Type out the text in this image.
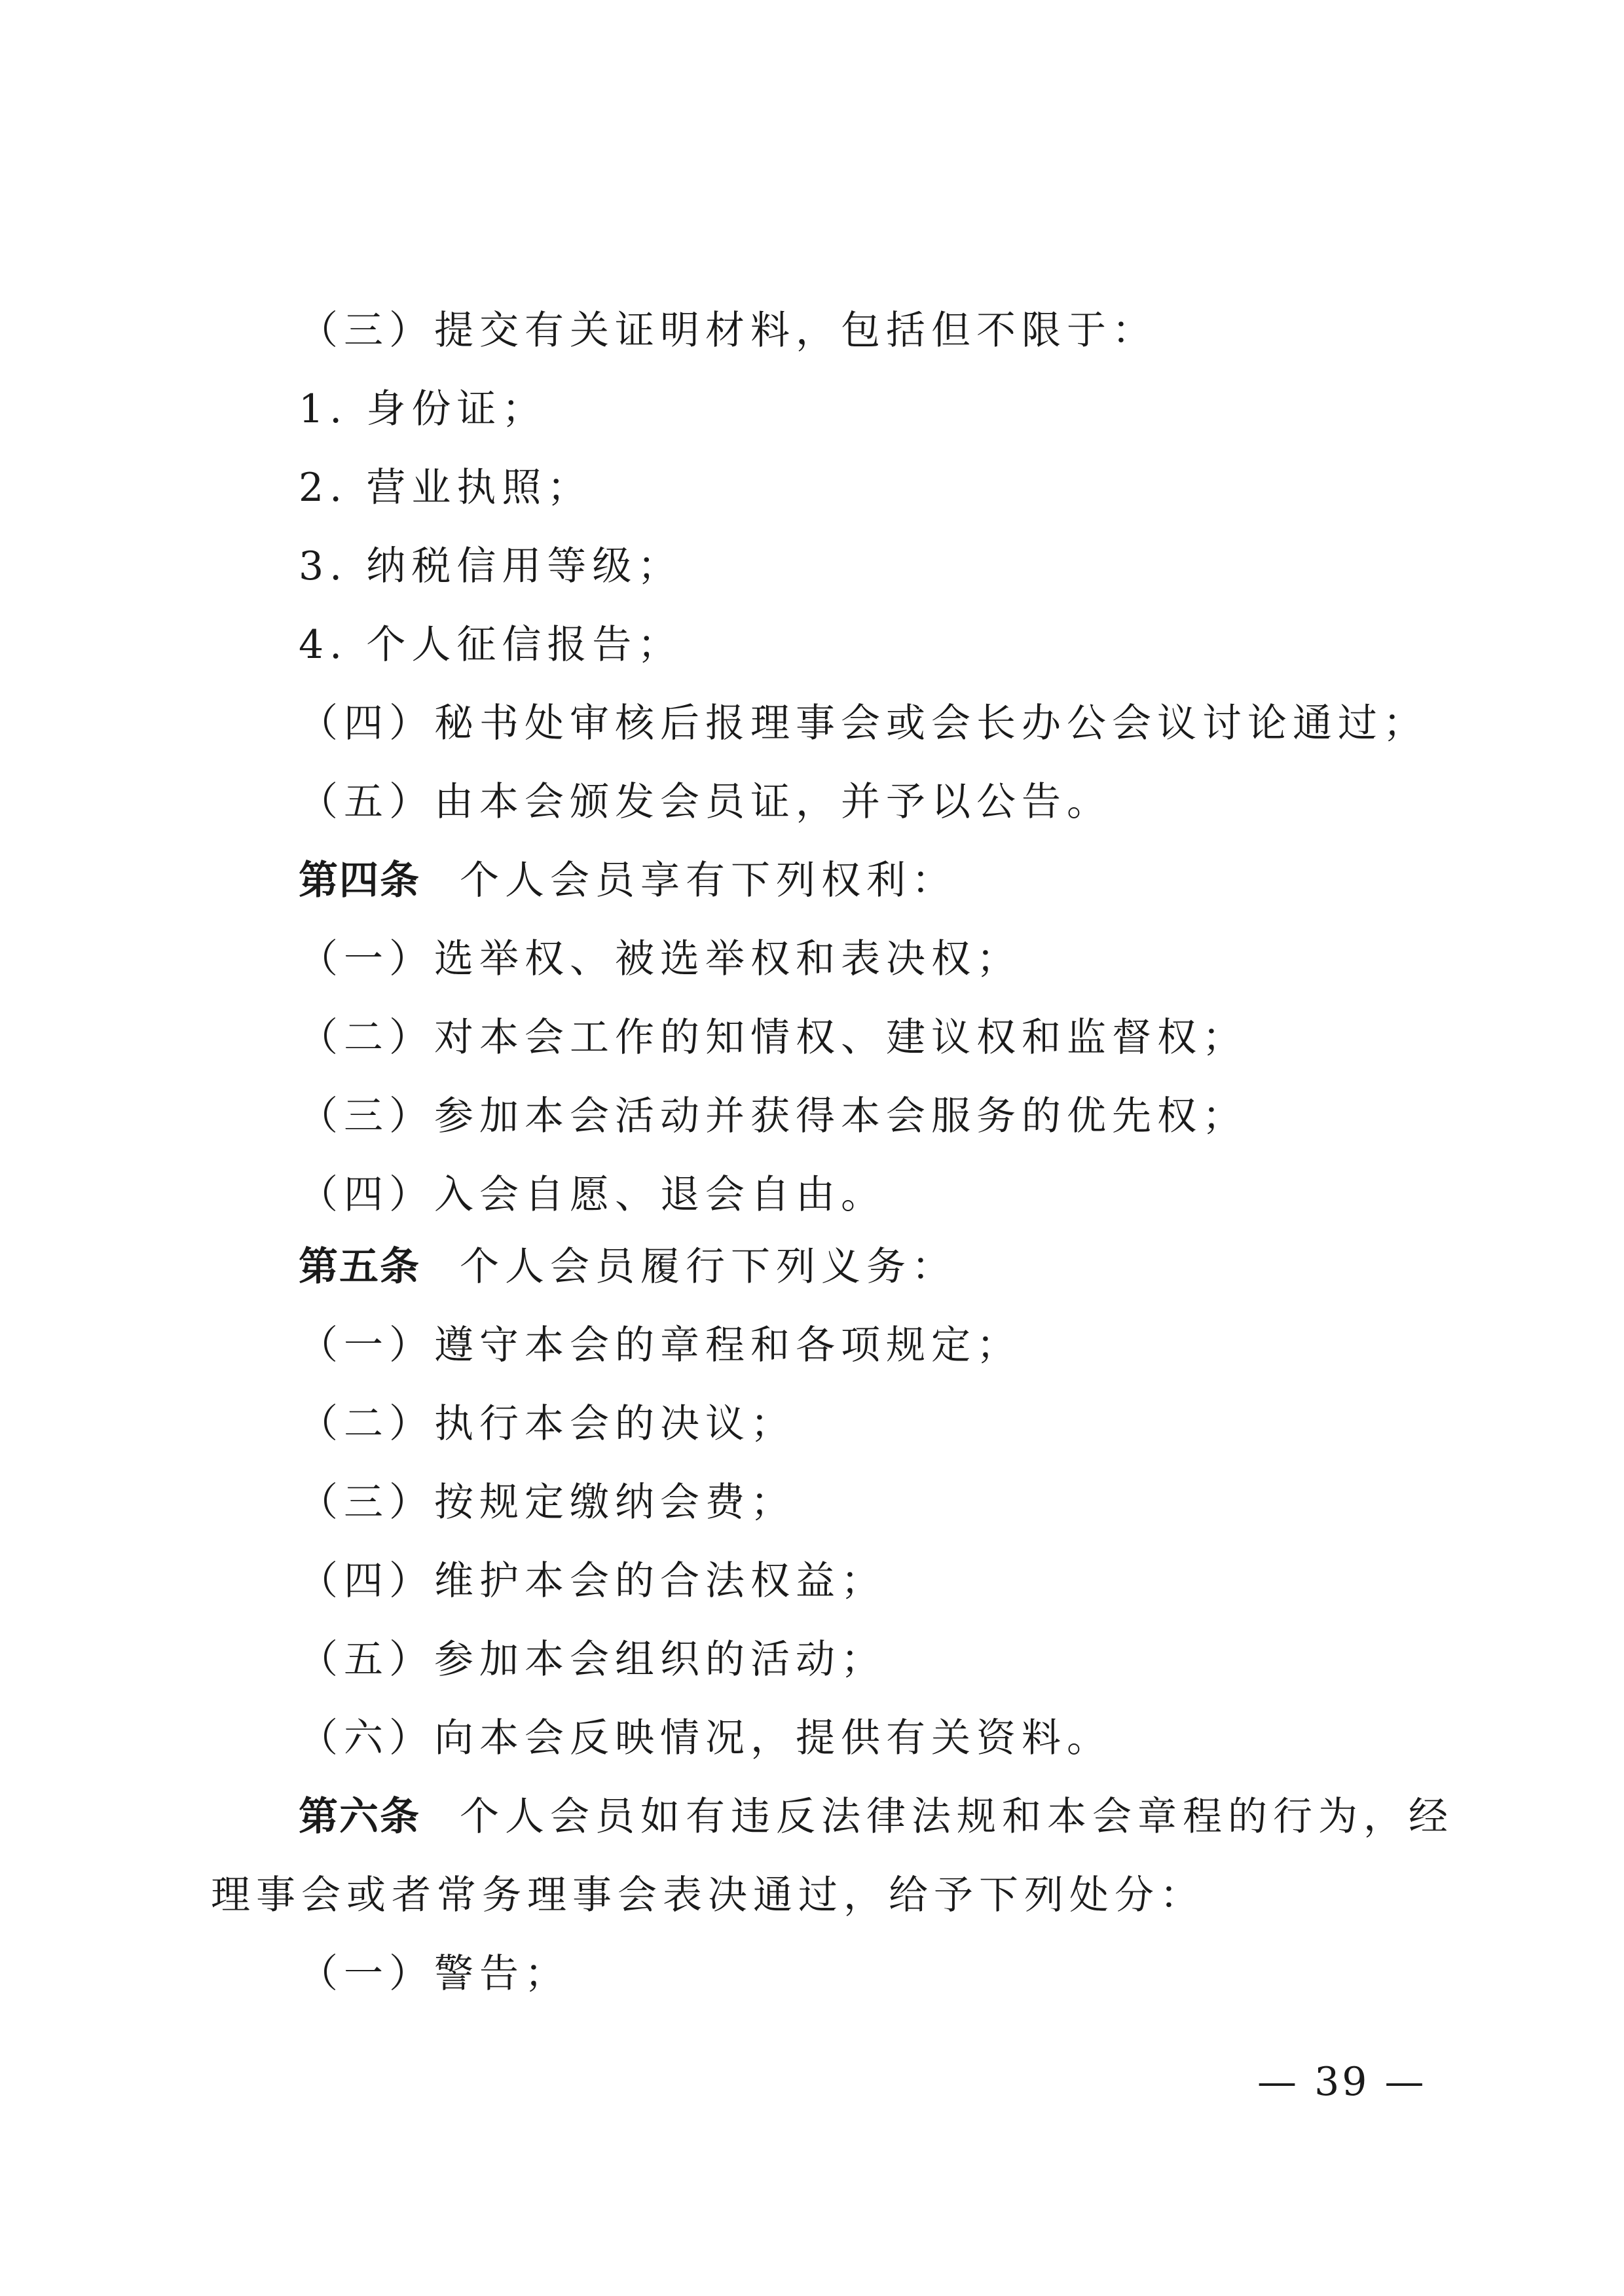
（三）提交有关证明材料，包括但不限于：
1. 身份证；
2. 营业执照；
3. 纳税信用等级；
4. 个人征信报告；
（四）秘书处审核后报理事会或会长办公会议讨论通过；
（五）由本会颁发会员证，并予以公告。
第四条 个人会员享有下列权利：
（一）选举权、被选举权和表决权；
（二）对本会工作的知情权、建议权和监督权；
（三）参加本会活动并获得本会服务的优先权；
（四）入会自愿、退会自由。
第五条 个人会员履行下列义务：
（一）遵守本会的章程和各项规定；
（二）执行本会的决议；
（三）按规定缴纳会费；
（四）维护本会的合法权益；
（五）参加本会组织的活动；
（六）向本会反映情况，提供有关资料。
第六条 个人会员如有违反法律法规和本会章程的行为，经
理事会或者常务理事会表决通过，给予下列处分：
（一）警告；
— 39 —
